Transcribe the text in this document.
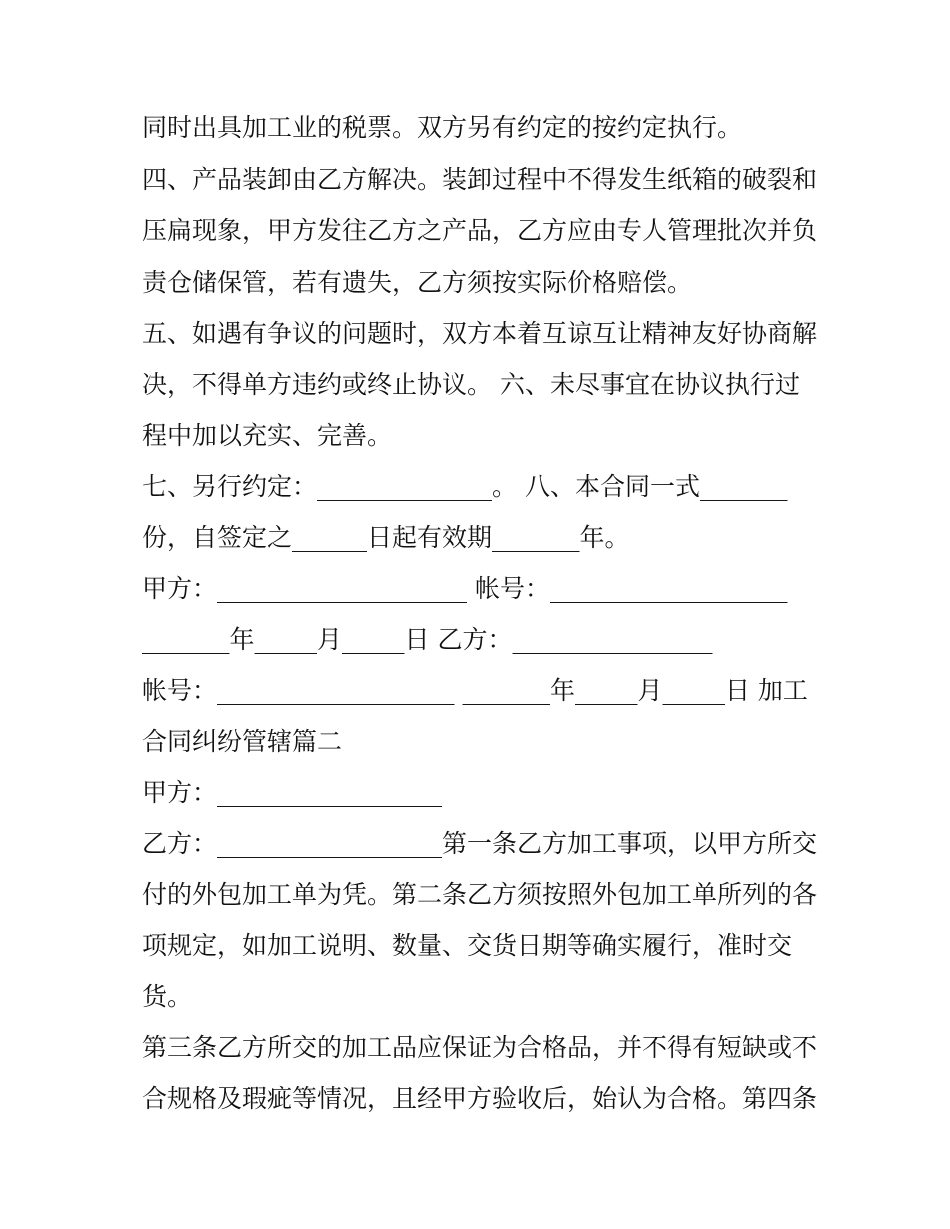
同时出具加工业的税票。双方另有约定的按约定执行。
四、产品装卸由乙方解决。装卸过程中不得发生纸箱的破裂和
压扁现象，甲方发往乙方之产品，乙方应由专人管理批次并负
责仓储保管，若有遗失，乙方须按实际价格赔偿。
五、如遇有争议的问题时，双方本着互谅互让精神友好协商解
决，不得单方违约或终止协议。 六、未尽事宜在协议执行过
程中加以充实、完善。
七、另行约定：______________。 八、本合同一式_______
份，自签定之______日起有效期_______年。
甲方：____________________ 帐号：___________________
_______年_____月_____日 乙方：________________
帐号：___________________ _______年_____月_____日 加工
合同纠纷管辖篇二
甲方：__________________
乙方：__________________第一条乙方加工事项，以甲方所交
付的外包加工单为凭。第二条乙方须按照外包加工单所列的各
项规定，如加工说明、数量、交货日期等确实履行，准时交
货。
第三条乙方所交的加工品应保证为合格品，并不得有短缺或不
合规格及瑕疵等情况，且经甲方验收后，始认为合格。第四条
